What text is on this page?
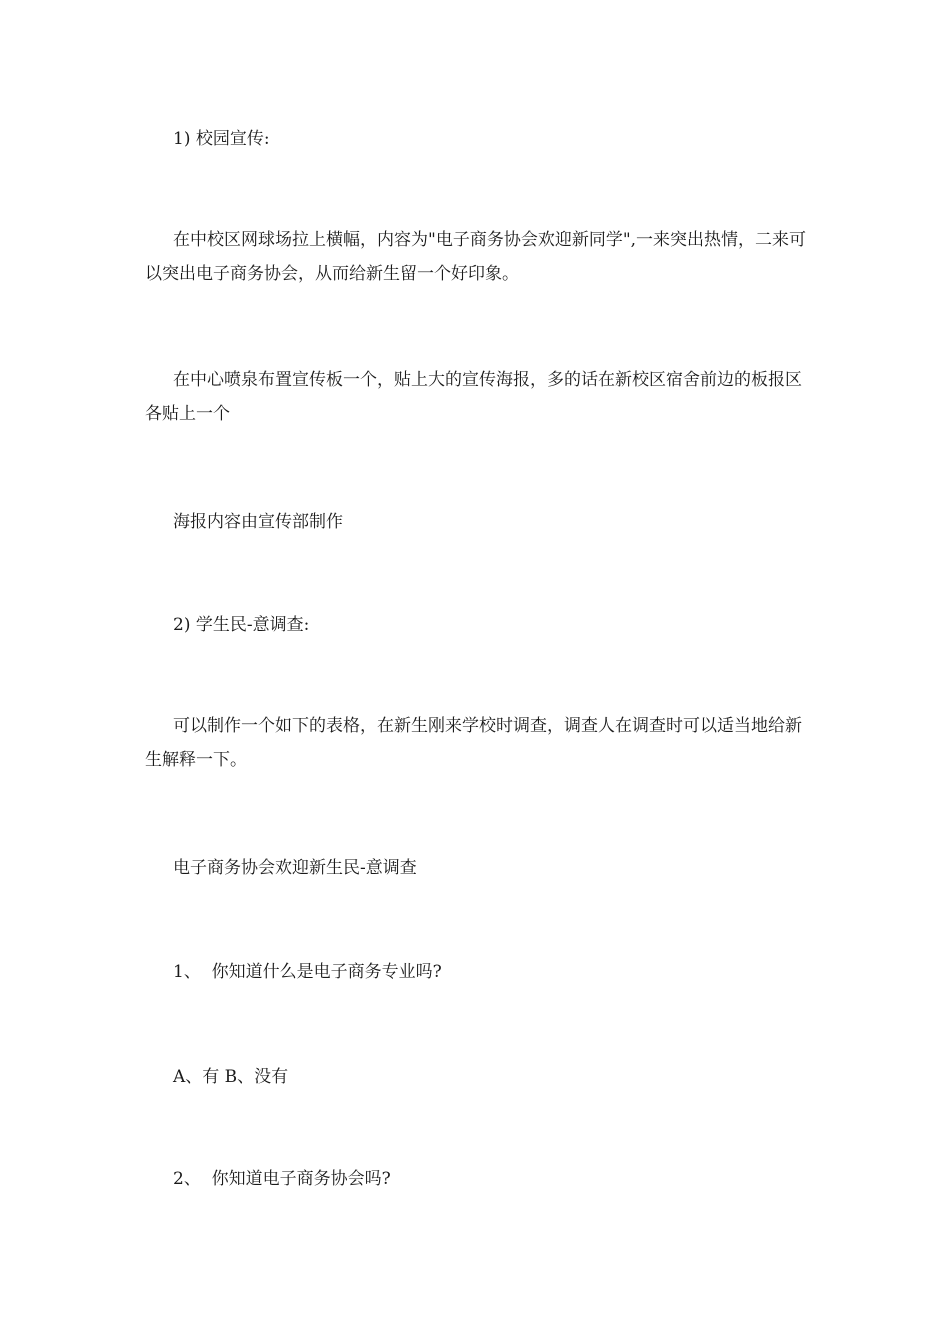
1) 校园宣传:

在中校区网球场拉上横幅，内容为"电子商务协会欢迎新同学",一来突出热情，二来可以突出电子商务协会，从而给新生留一个好印象。

在中心喷泉布置宣传板一个，贴上大的宣传海报，多的话在新校区宿舍前边的板报区各贴上一个

海报内容由宣传部制作

2) 学生民-意调查:

可以制作一个如下的表格，在新生刚来学校时调查，调查人在调查时可以适当地给新生解释一下。

电子商务协会欢迎新生民-意调查

1、  你知道什么是电子商务专业吗?

A、有 B、没有

2、  你知道电子商务协会吗?
